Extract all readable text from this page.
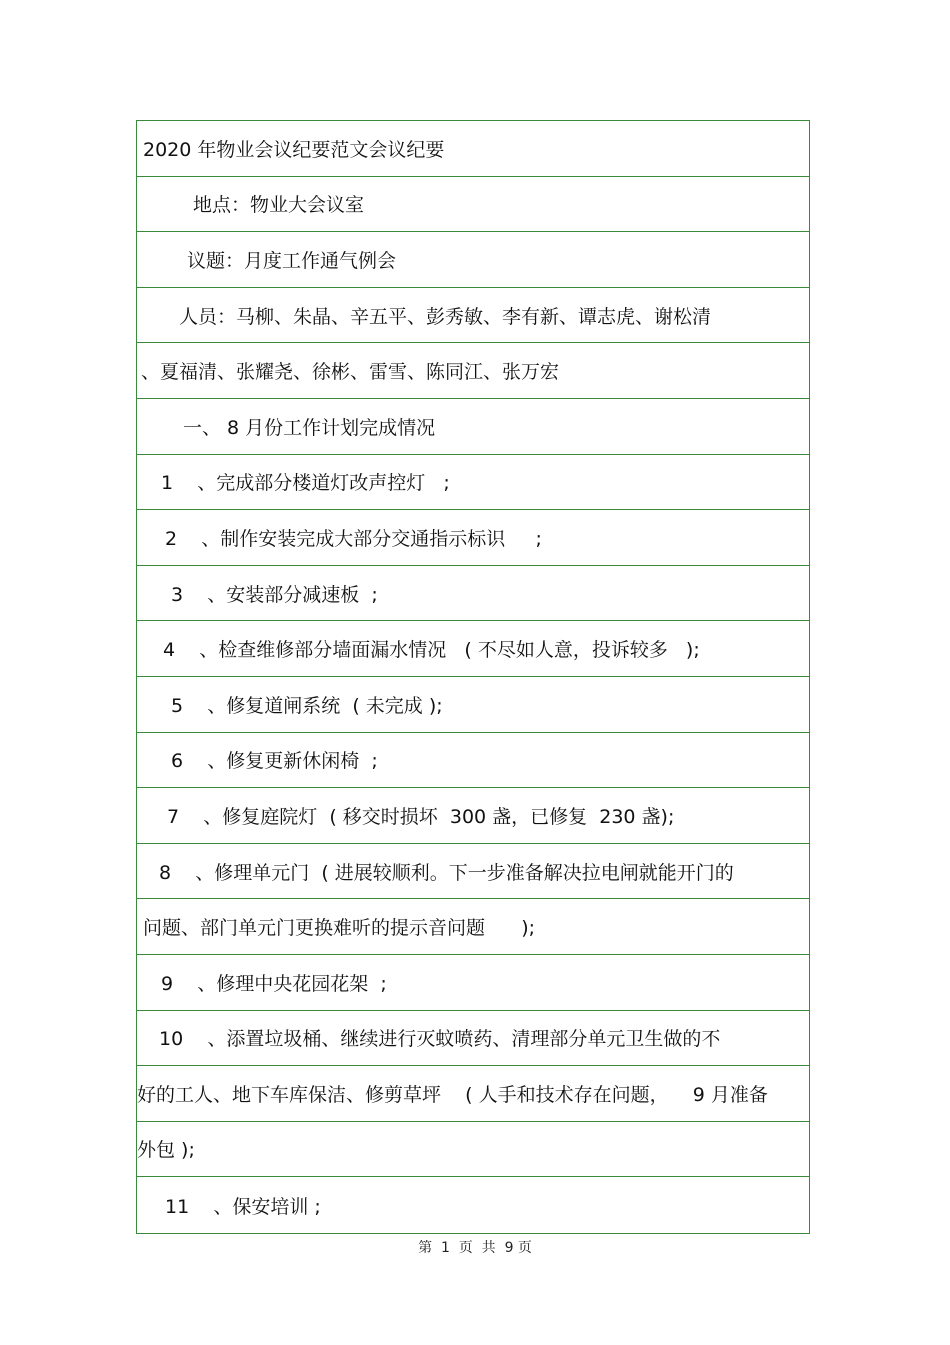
2020 年物业会议纪要范文会议纪要
地点：物业大会议室
议题：月度工作通气例会
人员：马柳、朱晶、辛五平、彭秀敏、李有新、谭志虎、谢松清
、夏福清、张耀尧、徐彬、雷雪、陈同江、张万宏
一、 8 月份工作计划完成情况
1    、完成部分楼道灯改声控灯   ;
2    、制作安装完成大部分交通指示标识     ;
3    、安装部分减速板  ;
4    、检查维修部分墙面漏水情况   ( 不尽如人意，投诉较多   );
5    、修复道闸系统  ( 未完成 );
6    、修复更新休闲椅  ;
7    、修复庭院灯  ( 移交时损坏  300 盏，已修复  230 盏);
8    、修理单元门  ( 进展较顺利。下一步准备解决拉电闸就能开门的
问题、部门单元门更换难听的提示音问题      );
9    、修理中央花园花架  ;
10    、添置垃圾桶、继续进行灭蚊喷药、清理部分单元卫生做的不
好的工人、地下车库保洁、修剪草坪    ( 人手和技术存在问题，    9 月准备
外包 );
11    、保安培训 ;
第  1  页  共  9 页
